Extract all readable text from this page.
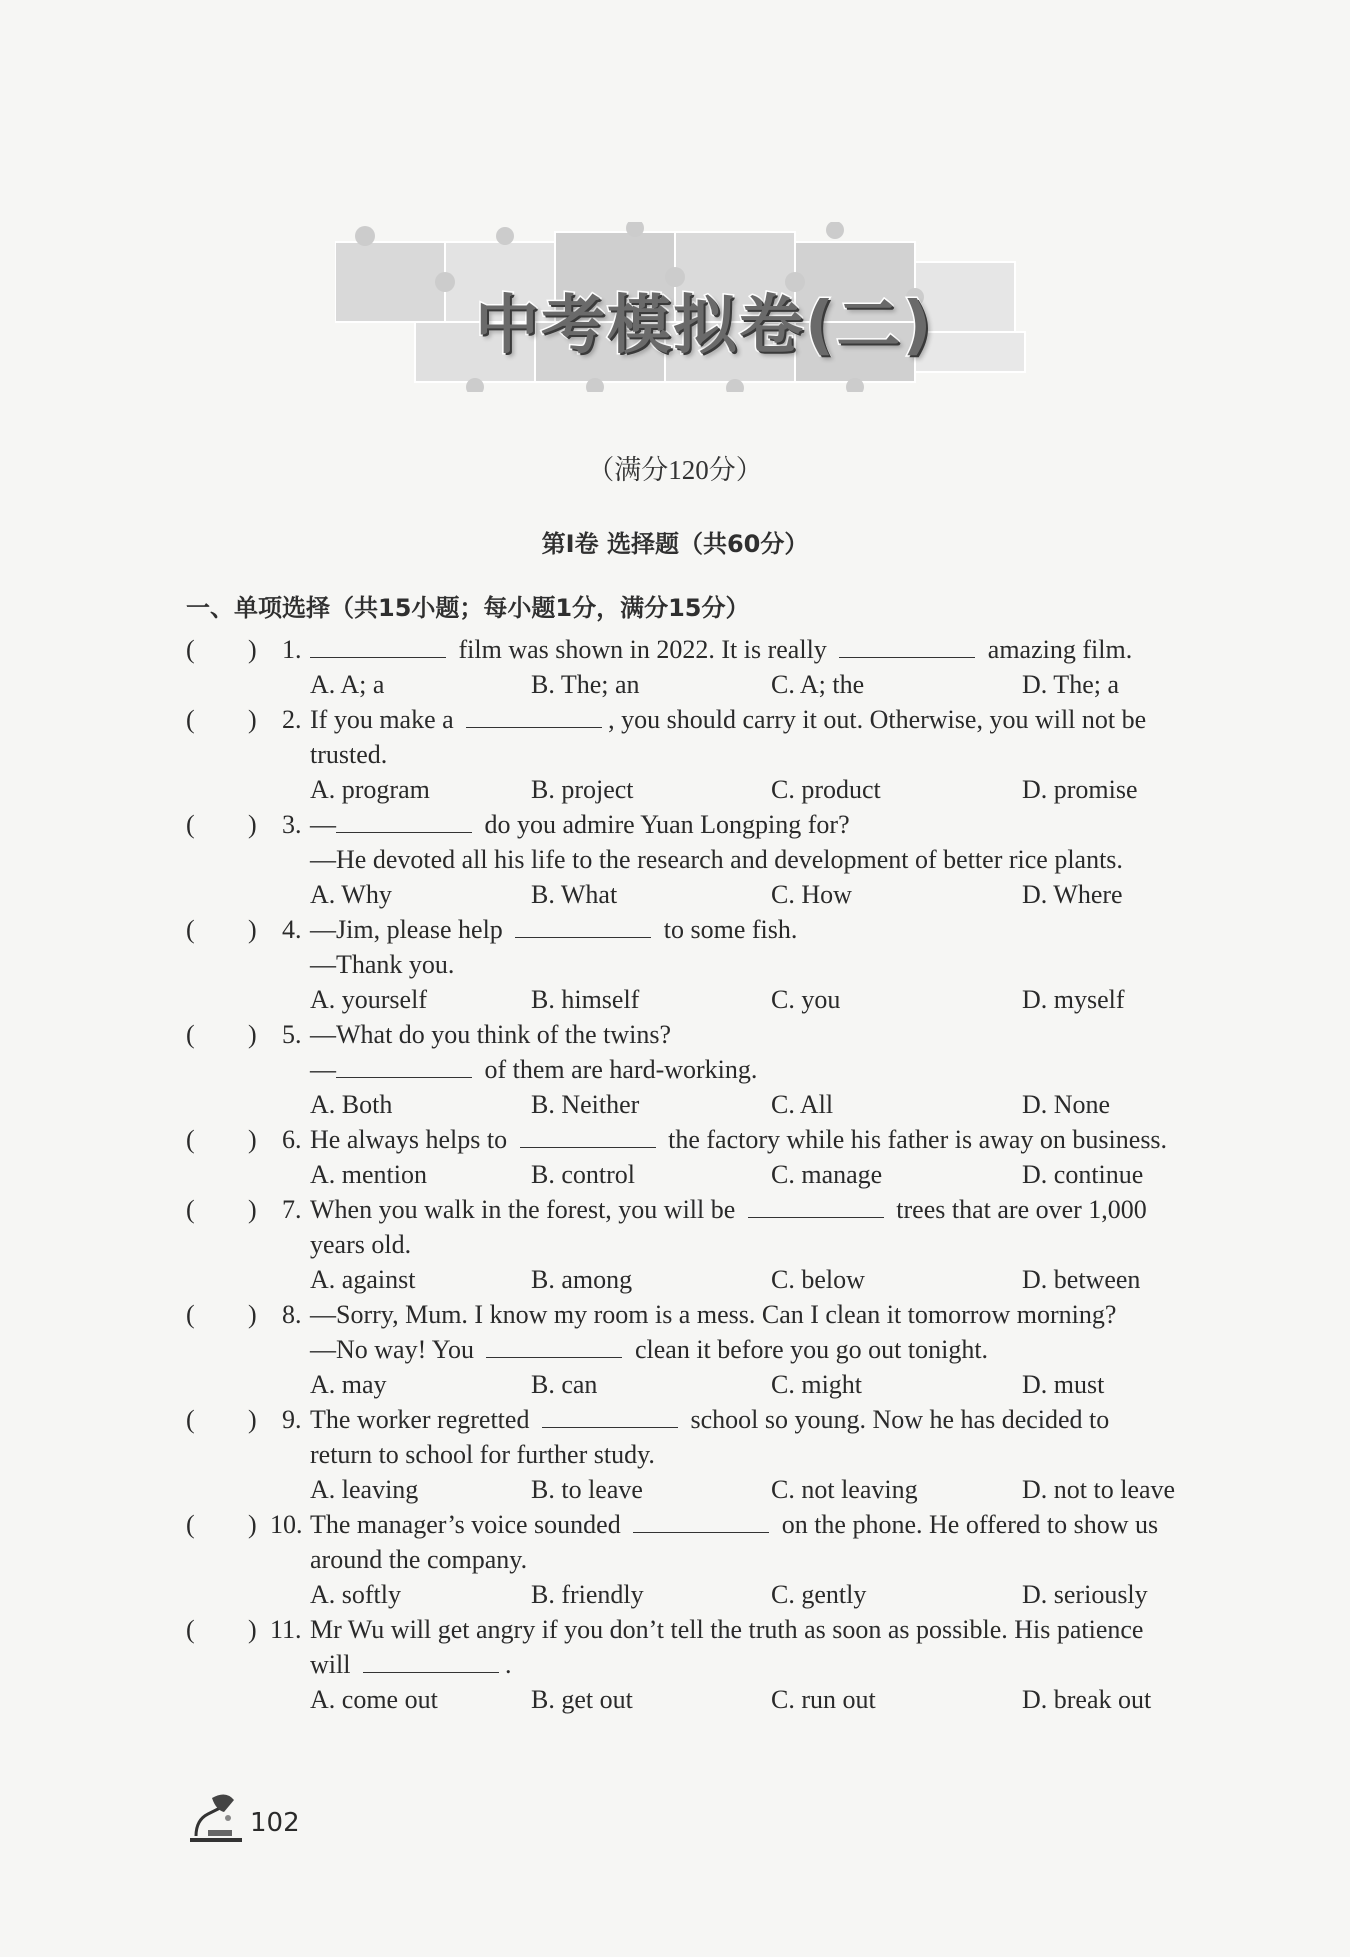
中考模拟卷(二)
（满分120分）
第Ⅰ卷 选择题（共60分）
一、单项选择（共15小题；每小题1分，满分15分）
( ) 1.	film was shown in 2022. It is really	amazing film.
A. A; a	B. The; an	C. A; the	D. The; a
( ) 2. If you make a	, you should carry it out. Otherwise, you will not be
trusted.
A. program	B. project	C. product	D. promise
( ) 3. —	do you admire Yuan Longping for?
—He devoted all his life to the research and development of better rice plants.
A. Why	B. What	C. How	D. Where
( ) 4. —Jim, please help	to some fish.
—Thank you.
A. yourself	B. himself	C. you	D. myself
( ) 5. —What do you think of the twins?
—	of them are hard-working.
A. Both	B. Neither	C. All	D. None
( ) 6. He always helps to	the factory while his father is away on business.
A. mention	B. control	C. manage	D. continue
( ) 7. When you walk in the forest, you will be	trees that are over 1,000
years old.
A. against	B. among	C. below	D. between
( ) 8. —Sorry, Mum. I know my room is a mess. Can I clean it tomorrow morning?
—No way! You	clean it before you go out tonight.
A. may	B. can	C. might	D. must
( ) 9. The worker regretted	school so young. Now he has decided to
return to school for further study.
A. leaving	B. to leave	C. not leaving	D. not to leave
( ) 10. The manager’s voice sounded	on the phone. He offered to show us
around the company.
A. softly	B. friendly	C. gently	D. seriously
( ) 11. Mr Wu will get angry if you don’t tell the truth as soon as possible. His patience
will	.
A. come out	B. get out	C. run out	D. break out
102
